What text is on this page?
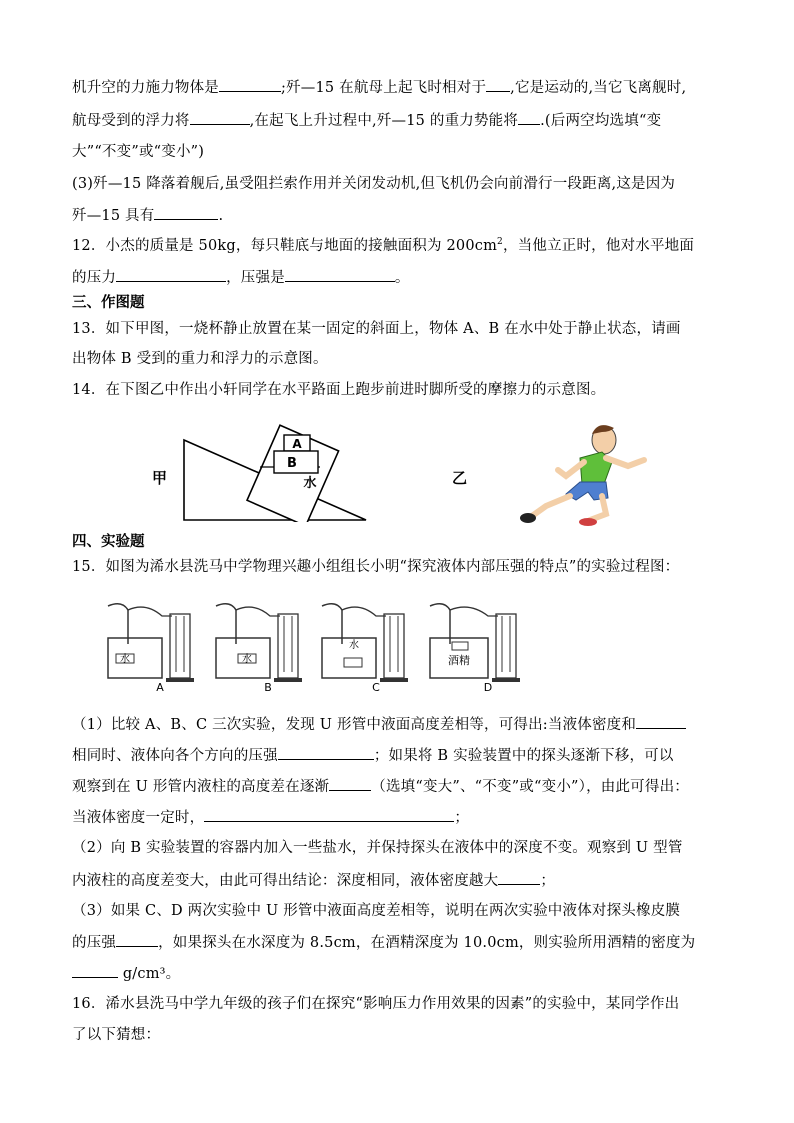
机升空的力施力物体是	;歼—15 在航母上起飞时相对于 ,它是运动的,当它飞离舰时,
航母受到的浮力将	,在起飞上升过程中,歼—15 的重力势能将 .(后两空均选填“变
大”“不变”或“变小”)
(3)歼—15 降落着舰后,虽受阻拦索作用并关闭发动机,但飞机仍会向前滑行一段距离,这是因为
歼—15 具有	.
12．小杰的质量是 50kg，每只鞋底与地面的接触面积为 $200cm^2$，当他立正时，他对水平地面
的压力	，压强是	。
三、作图题
13．如下甲图，一烧杯静止放置在某一固定的斜面上，物体 A、B 在水中处于静止状态，请画
出物体 B 受到的重力和浮力的示意图。
14．在下图乙中作出小轩同学在水平路面上跑步前进时脚所受的摩擦力的示意图。
甲
A
B
水	乙
四、实验题
15．如图为浠水县洗马中学物理兴趣小组组长小明“探究液体内部压强的特点”的实验过程图：
水
A
水
B
水
C
酒精
D
（1）比较 A、B、C 三次实验，发现 U 形管中液面高度差相等，可得出:当液体密度和
相同时、液体向各个方向的压强	；如果将 B 实验装置中的探头逐渐下移，可以
观察到在 U 形管内液柱的高度差在逐渐	（选填“变大”、“不变”或“变小”），由此可得出：
当液体密度一定时，	；
（2）向 B 实验装置的容器内加入一些盐水，并保持探头在液体中的深度不变。观察到 U 型管
内液柱的高度差变大，由此可得出结论：深度相同，液体密度越大	；
（3）如果 C、D 两次实验中 U 形管中液面高度差相等，说明在两次实验中液体对探头橡皮膜
的压强	，如果探头在水深度为 8.5cm，在酒精深度为 10.0cm，则实验所用酒精的密度为
g/cm³。
16．浠水县洗马中学九年级的孩子们在探究“影响压力作用效果的因素”的实验中，某同学作出
了以下猜想：
